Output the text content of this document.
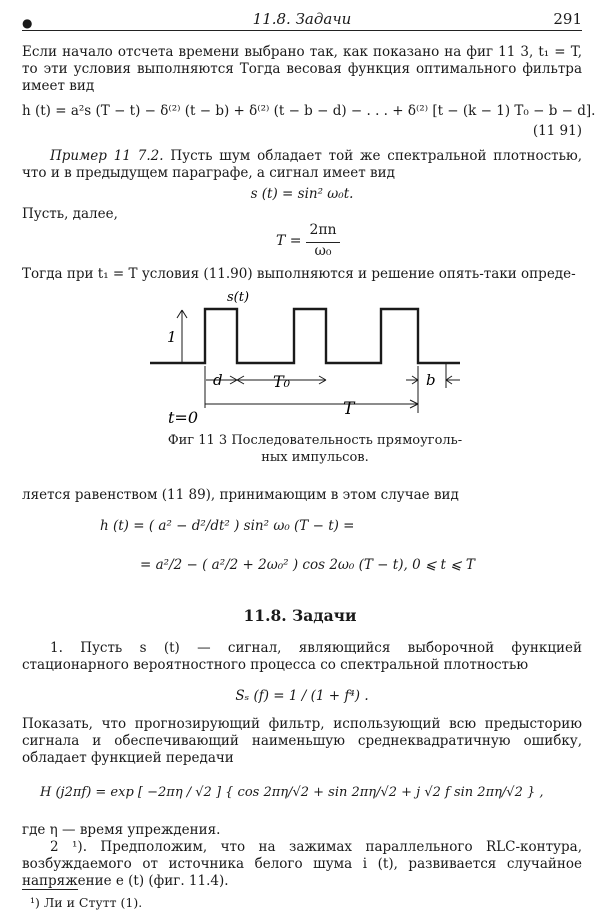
●	11.8. Задачи	291
Если начало отсчета времени выбрано так, как показано на фиг 11 3, t₁ = T, то эти условия выполняются Тогда весовая функция оптимального фильтра имеет вид
h (t) = a²s (T − t) − δ⁽²⁾ (t − b) + δ⁽²⁾ (t − b − d) − . . . + δ⁽²⁾ [t − (k − 1) T₀ − b − d].
(11 91)
Пример 11 7.2. Пусть шум обладает той же спектральной плотностью, что и в предыдущем параграфе, а сигнал имеет вид
s (t) = sin² ω₀t.
Пусть, далее,
T =
2πn
ω₀
Тогда при t₁ = T условия (11.90) выполняются и решение опять-таки опреде-
s(t)
1
d	T₀	b
t=0	T
Фиг 11 3 Последовательность прямоуголь-
ных импульсов.
ляется равенством (11 89), принимающим в этом случае вид
h (t) = ( a² − d²/dt² ) sin² ω₀ (T − t) =
= a²/2 − ( a²/2 + 2ω₀² ) cos 2ω₀ (T − t), 0 ⩽ t ⩽ T
11.8. Задачи
1. Пусть s (t) — сигнал, являющийся выборочной функцией стационарного вероятностного процесса со спектральной плотностью
Sₛ (f) = 1 / (1 + f⁴) .
Показать, что прогнозирующий фильтр, использующий всю предысторию сигнала и обеспечивающий наименьшую среднеквадратичную ошибку, обладает функцией передачи
H (j2πf) = exp [ −2πη / √2 ] { cos 2πη/√2 + sin 2πη/√2 + j √2 f sin 2πη/√2 } ,
где η — время упреждения.
2 ¹). Предположим, что на зажимах параллельного RLC-контура, возбуждаемого от источника белого шума i (t), развивается случайное напряжение e (t) (фиг. 11.4).
¹) Ли и Стутт (1).
